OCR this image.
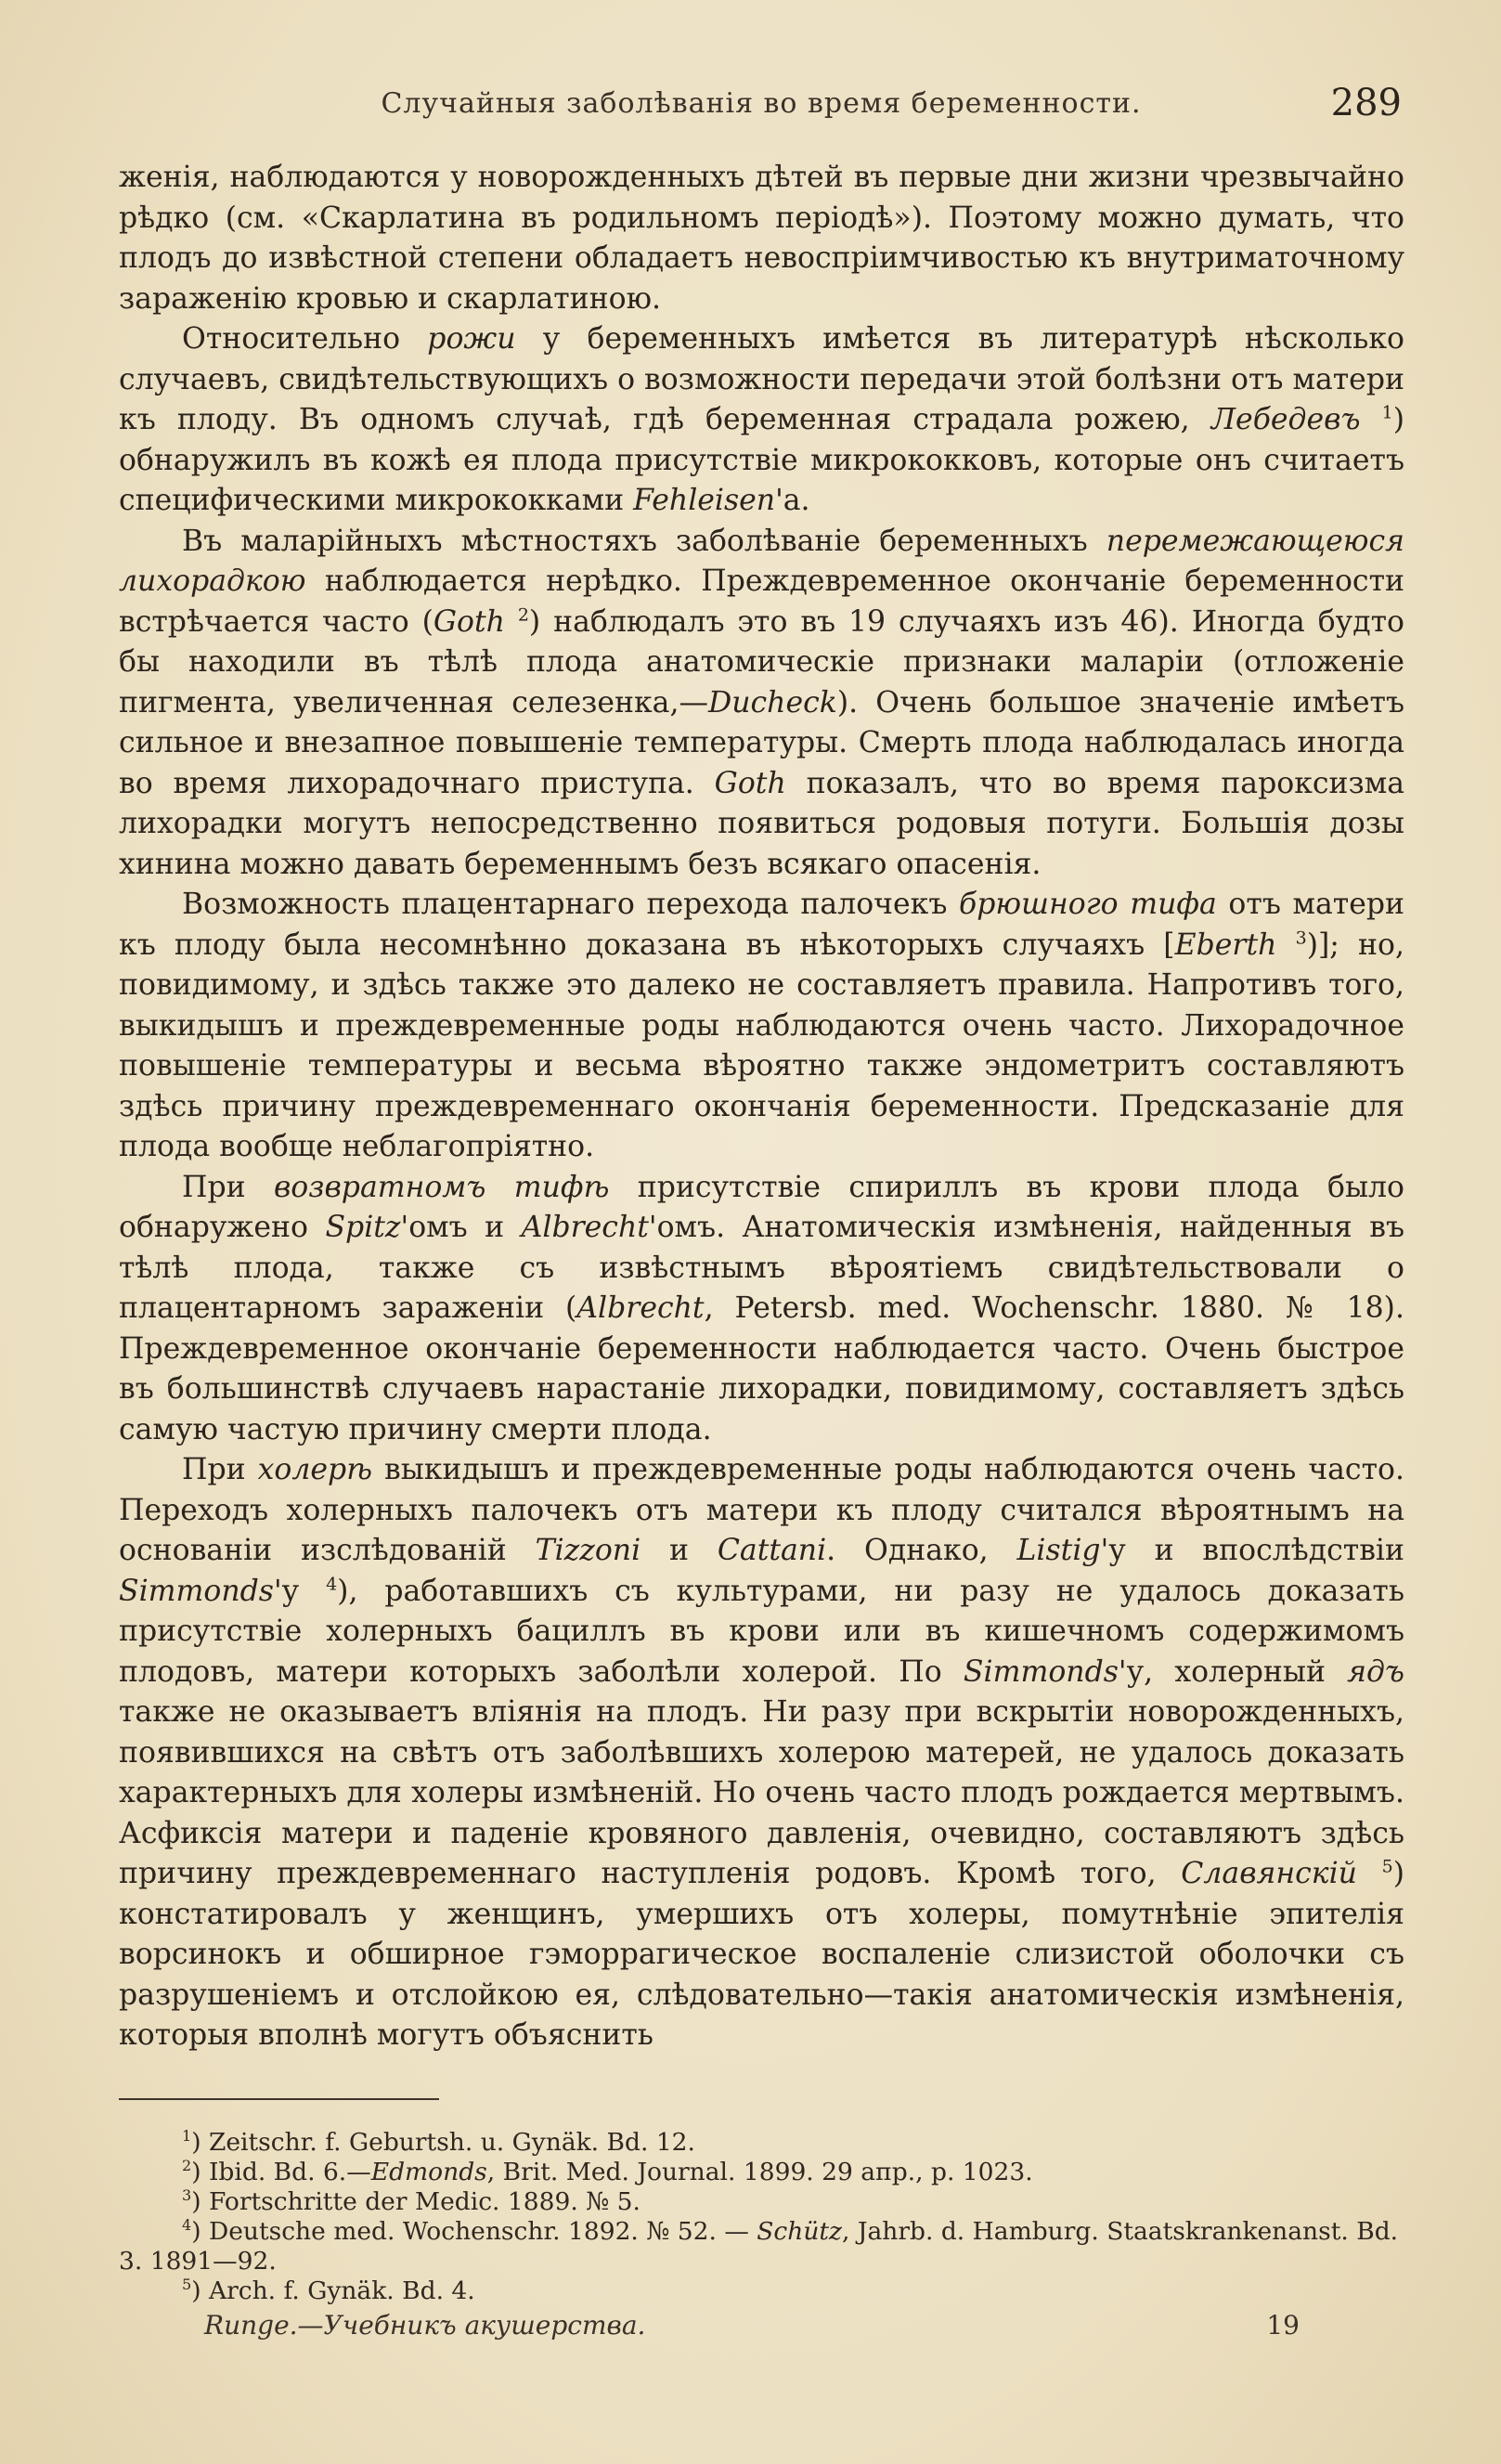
Случайныя заболѣванія во время беременности.	289

женія, наблюдаются у новорожденныхъ дѣтей въ первые дни жизни чрезвычайно рѣдко (см. «Скарлатина въ родильномъ періодѣ»). Поэтому можно думать, что плодъ до извѣстной степени обладаетъ невоспріимчивостью къ внутриматочному зараженію кровью и скарлатиною.

Относительно рожи у беременныхъ имѣется въ литературѣ нѣсколько случаевъ, свидѣтельствующихъ о возможности передачи этой болѣзни отъ матери къ плоду. Въ одномъ случаѣ, гдѣ беременная страдала рожею, Лебедевъ $^1$) обнаружилъ въ кожѣ ея плода присутствіе микрококковъ, которые онъ считаетъ специфическими микрококками Fehleisen'а.

Въ маларійныхъ мѣстностяхъ заболѣваніе беременныхъ перемежающеюся лихорадкою наблюдается нерѣдко. Преждевременное окончаніе беременности встрѣчается часто (Goth $^2$) наблюдалъ это въ 19 случаяхъ изъ 46). Иногда будто бы находили въ тѣлѣ плода анатомическіе признаки маларіи (отложеніе пигмента, увеличенная селезенка,—Ducheck). Очень большое значеніе имѣетъ сильное и внезапное повышеніе температуры. Смерть плода наблюдалась иногда во время лихорадочнаго приступа. Goth показалъ, что во время пароксизма лихорадки могутъ непосредственно появиться родовыя потуги. Большія дозы хинина можно давать беременнымъ безъ всякаго опасенія.

Возможность плацентарнаго перехода палочекъ брюшного тифа отъ матери къ плоду была несомнѣнно доказана въ нѣкоторыхъ случаяхъ [Eberth $^3$)]; но, повидимому, и здѣсь также это далеко не составляетъ правила. Напротивъ того, выкидышъ и преждевременные роды наблюдаются очень часто. Лихорадочное повышеніе температуры и весьма вѣроятно также эндометритъ составляютъ здѣсь причину преждевременнаго окончанія беременности. Предсказаніе для плода вообще неблагопріятно.

При возвратномъ тифѣ присутствіе спириллъ въ крови плода было обнаружено Spitz'омъ и Albrecht'омъ. Анатомическія измѣненія, найденныя въ тѣлѣ плода, также съ извѣстнымъ вѣроятіемъ свидѣтельствовали о плацентарномъ зараженіи (Albrecht, Petersb. med. Wochenschr. 1880. № 18). Преждевременное окончаніе беременности наблюдается часто. Очень быстрое въ большинствѣ случаевъ нарастаніе лихорадки, повидимому, составляетъ здѣсь самую частую причину смерти плода.

При холерѣ выкидышъ и преждевременные роды наблюдаются очень часто. Переходъ холерныхъ палочекъ отъ матери къ плоду считался вѣроятнымъ на основаніи изслѣдованій Tizzoni и Cattani. Однако, Listig'у и впослѣдствіи Simmonds'у $^4$), работавшихъ съ культурами, ни разу не удалось доказать присутствіе холерныхъ бациллъ въ крови или въ кишечномъ содержимомъ плодовъ, матери которыхъ заболѣли холерой. По Simmonds'у, холерный ядъ также не оказываетъ вліянія на плодъ. Ни разу при вскрытіи новорожденныхъ, появившихся на свѣтъ отъ заболѣвшихъ холерою матерей, не удалось доказать характерныхъ для холеры измѣненій. Но очень часто плодъ рождается мертвымъ. Асфиксія матери и паденіе кровяного давленія, очевидно, составляютъ здѣсь причину преждевременнаго наступленія родовъ. Кромѣ того, Славянскій $^5$) констатировалъ у женщинъ, умершихъ отъ холеры, помутнѣніе эпителія ворсинокъ и обширное гэморрагическое воспаленіе слизистой оболочки съ разрушеніемъ и отслойкою ея, слѣдовательно—такія анатомическія измѣненія, которыя вполнѣ могутъ объяснить

$^1$) Zeitschr. f. Geburtsh. u. Gynäk. Bd. 12.
$^2$) Ibid. Bd. 6.—Edmonds, Brit. Med. Journal. 1899. 29 апр., p. 1023.
$^3$) Fortschritte der Medic. 1889. № 5.
$^4$) Deutsche med. Wochenschr. 1892. № 52. — Schütz, Jahrb. d. Hamburg. Staatskrankenanst. Bd. 3. 1891—92.
$^5$) Arch. f. Gynäk. Bd. 4.
Runge.—Учебникъ акушерства.	19
